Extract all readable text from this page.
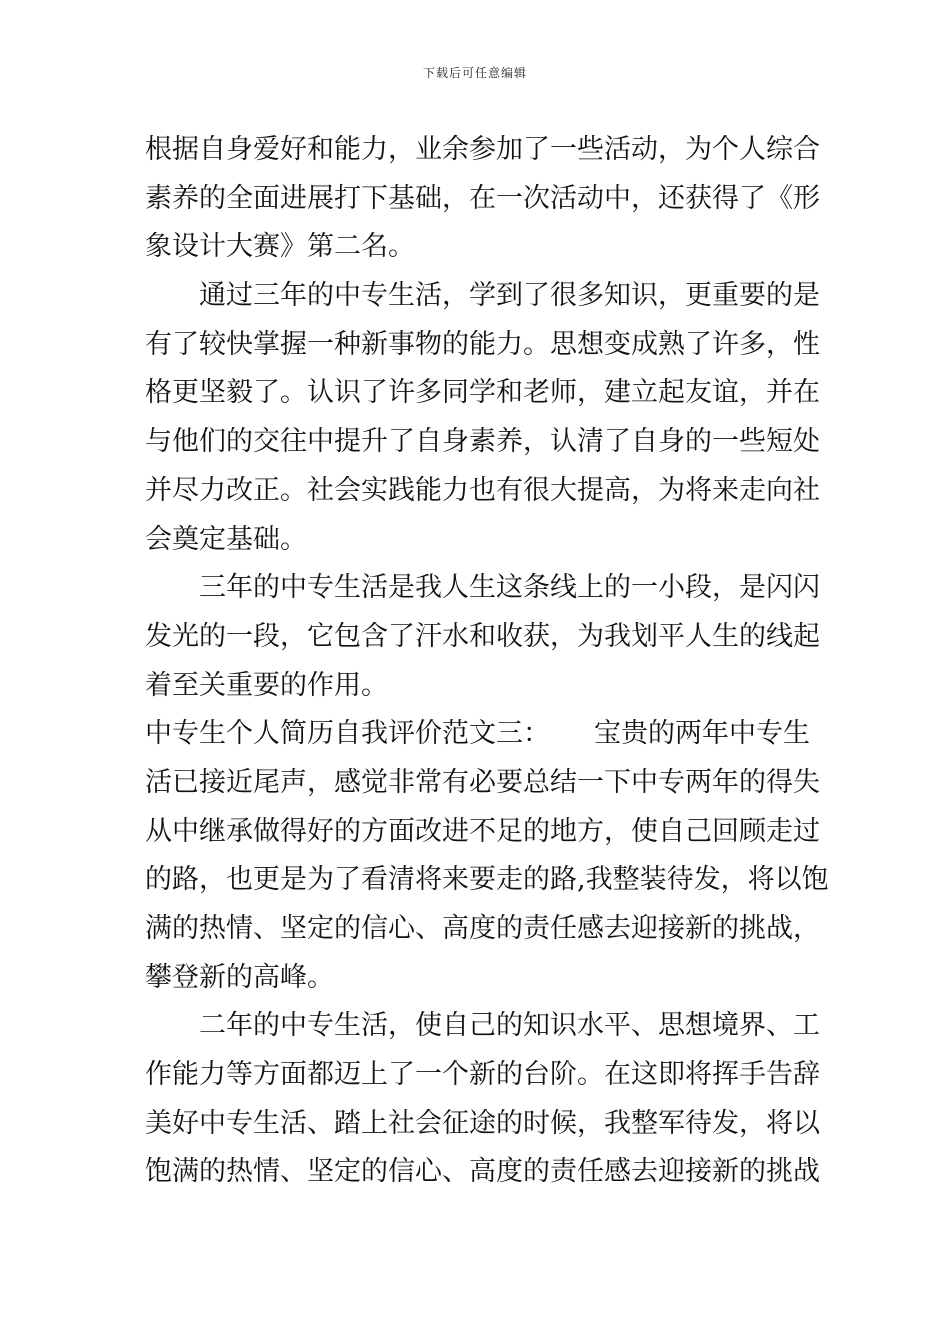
下载后可任意编辑
根据自身爱好和能力，业余参加了一些活动，为个人综合
素养的全面进展打下基础，在一次活动中，还获得了《形
象设计大赛》第二名。
　　通过三年的中专生活，学到了很多知识，更重要的是
有了较快掌握一种新事物的能力。思想变成熟了许多，性
格更坚毅了。认识了许多同学和老师，建立起友谊，并在
与他们的交往中提升了自身素养，认清了自身的一些短处
并尽力改正。社会实践能力也有很大提高，为将来走向社
会奠定基础。
　　三年的中专生活是我人生这条线上的一小段，是闪闪
发光的一段，它包含了汗水和收获，为我划平人生的线起
着至关重要的作用。
中专生个人简历自我评价范文三： 宝贵的两年中专生
活已接近尾声，感觉非常有必要总结一下中专两年的得失
从中继承做得好的方面改进不足的地方，使自己回顾走过
的路，也更是为了看清将来要走的路,我整装待发，将以饱
满的热情、坚定的信心、高度的责任感去迎接新的挑战，
攀登新的高峰。
　　二年的中专生活，使自己的知识水平、思想境界、工
作能力等方面都迈上了一个新的台阶。在这即将挥手告辞
美好中专生活、踏上社会征途的时候，我整军待发，将以
饱满的热情、坚定的信心、高度的责任感去迎接新的挑战
